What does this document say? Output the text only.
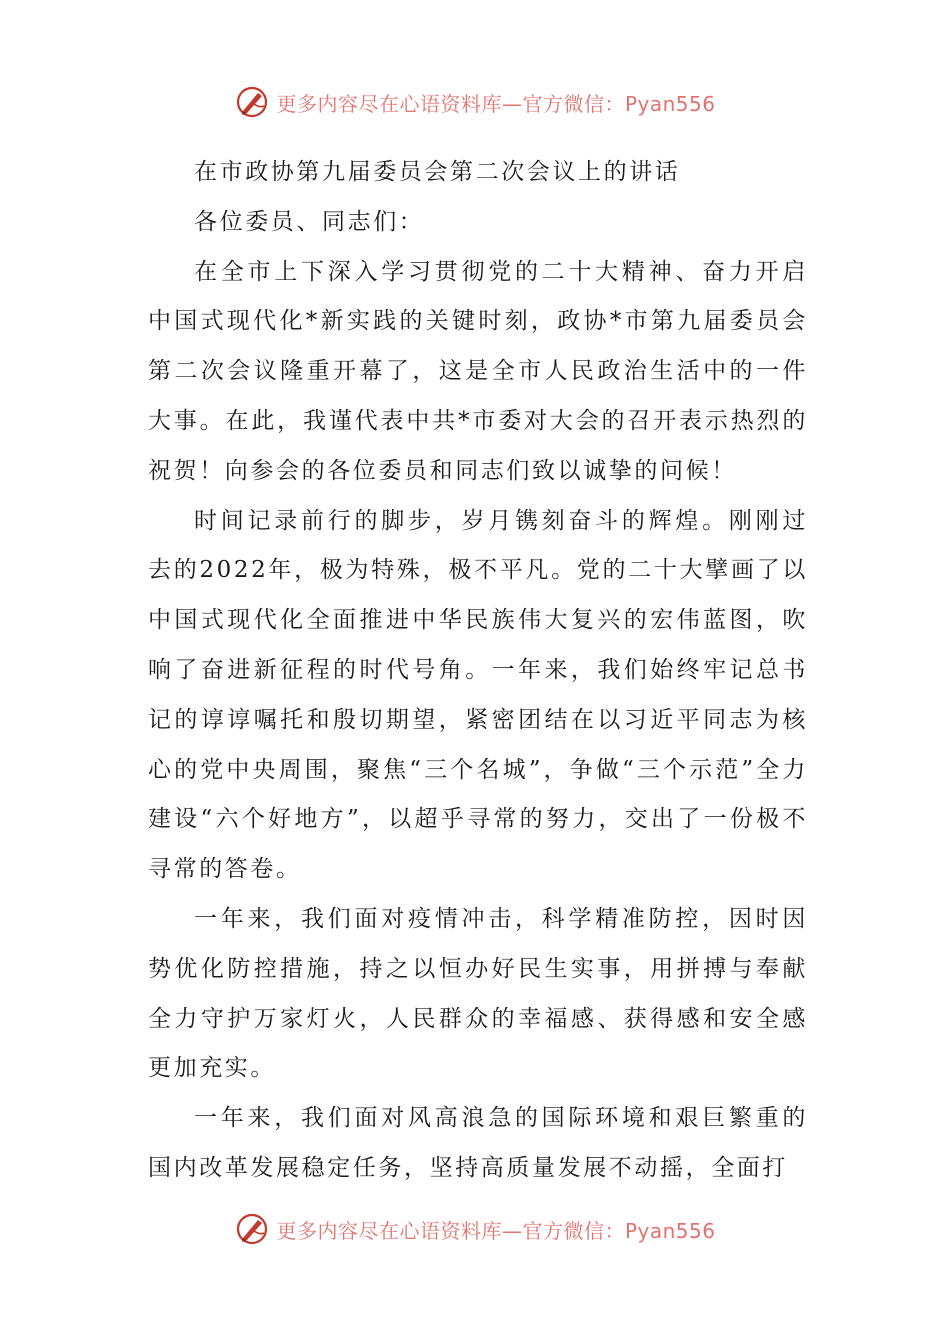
更多内容尽在心语资料库—官方微信：Pyan556

在市政协第九届委员会第二次会议上的讲话

各位委员、同志们：

在全市上下深入学习贯彻党的二十大精神、奋力开启中国式现代化*新实践的关键时刻，政协*市第九届委员会第二次会议隆重开幕了，这是全市人民政治生活中的一件大事。在此，我谨代表中共*市委对大会的召开表示热烈的祝贺！向参会的各位委员和同志们致以诚挚的问候！

时间记录前行的脚步，岁月镌刻奋斗的辉煌。刚刚过去的2022年，极为特殊，极不平凡。党的二十大擘画了以中国式现代化全面推进中华民族伟大复兴的宏伟蓝图，吹响了奋进新征程的时代号角。一年来，我们始终牢记总书记的谆谆嘱托和殷切期望，紧密团结在以习近平同志为核心的党中央周围，聚焦“三个名城”，争做“三个示范”全力建设“六个好地方”，以超乎寻常的努力，交出了一份极不寻常的答卷。

一年来，我们面对疫情冲击，科学精准防控，因时因势优化防控措施，持之以恒办好民生实事，用拼搏与奉献全力守护万家灯火，人民群众的幸福感、获得感和安全感更加充实。

一年来，我们面对风高浪急的国际环境和艰巨繁重的国内改革发展稳定任务，坚持高质量发展不动摇，全面打

更多内容尽在心语资料库—官方微信：Pyan556
